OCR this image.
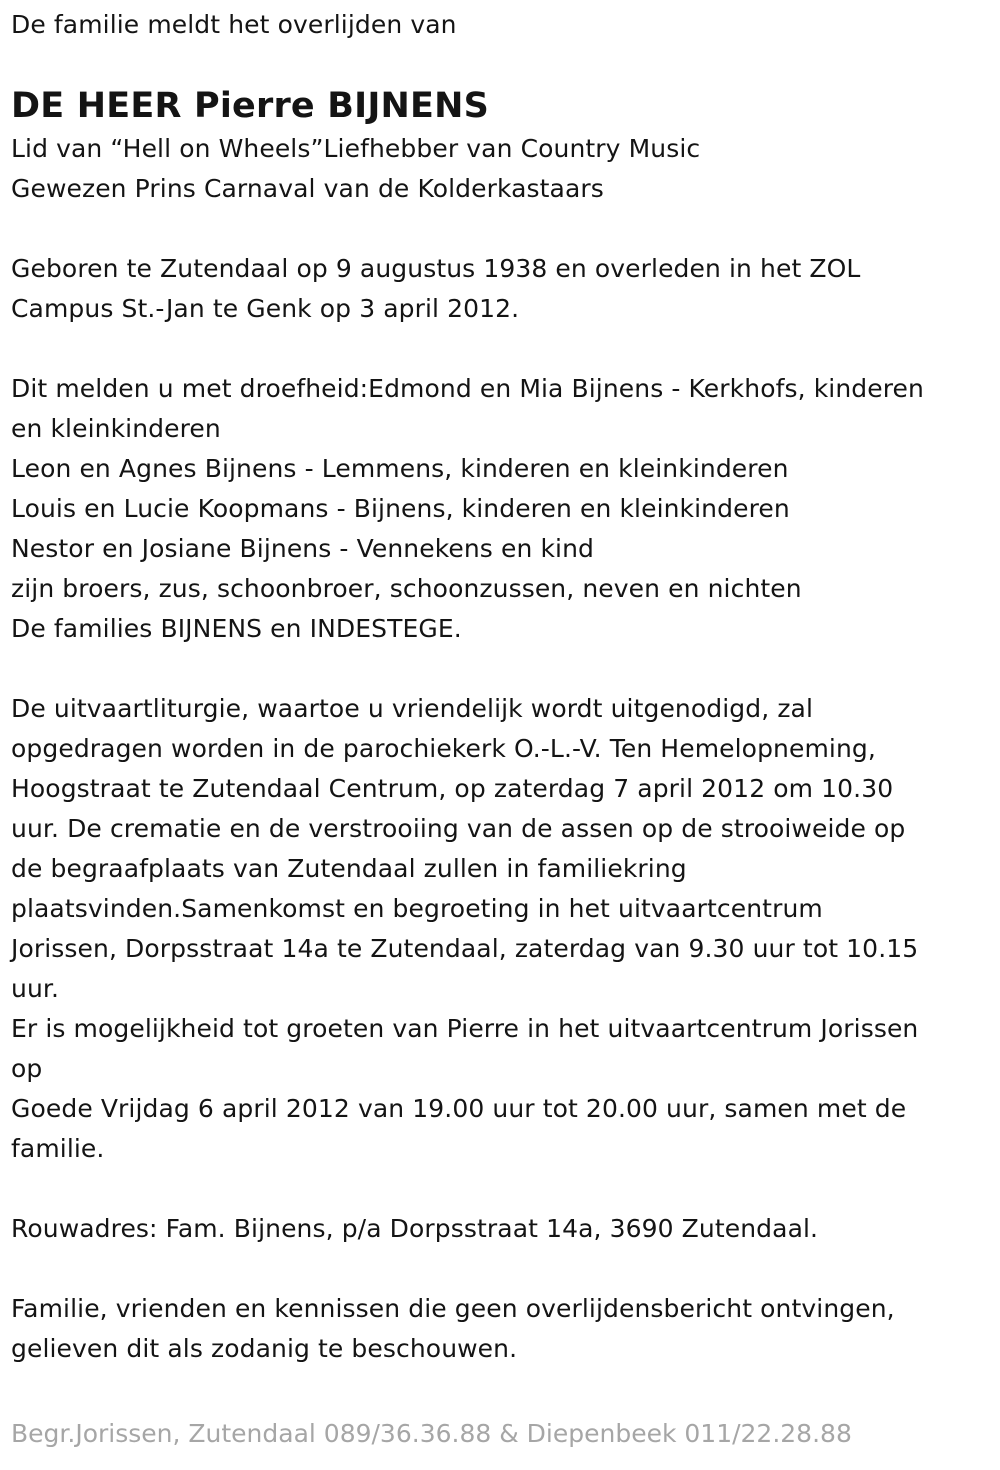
De familie meldt het overlijden van
DE HEER Pierre BIJNENS
Lid van “Hell on Wheels”Liefhebber van Country Music
Gewezen Prins Carnaval van de Kolderkastaars
Geboren te Zutendaal op 9 augustus 1938 en overleden in het ZOL
Campus St.-Jan te Genk op 3 april 2012.
Dit melden u met droefheid:Edmond en Mia Bijnens - Kerkhofs, kinderen
en kleinkinderen
Leon en Agnes Bijnens - Lemmens, kinderen en kleinkinderen
Louis en Lucie Koopmans - Bijnens, kinderen en kleinkinderen
Nestor en Josiane Bijnens - Vennekens en kind
zijn broers, zus, schoonbroer, schoonzussen, neven en nichten
De families BIJNENS en INDESTEGE.
De uitvaartliturgie, waartoe u vriendelijk wordt uitgenodigd, zal
opgedragen worden in de parochiekerk O.-L.-V. Ten Hemelopneming,
Hoogstraat te Zutendaal Centrum, op zaterdag 7 april 2012 om 10.30
uur. De crematie en de verstrooiing van de assen op de strooiweide op
de begraafplaats van Zutendaal zullen in familiekring
plaatsvinden.Samenkomst en begroeting in het uitvaartcentrum
Jorissen, Dorpsstraat 14a te Zutendaal, zaterdag van 9.30 uur tot 10.15
uur.
Er is mogelijkheid tot groeten van Pierre in het uitvaartcentrum Jorissen
op
Goede Vrijdag 6 april 2012 van 19.00 uur tot 20.00 uur, samen met de
familie.
Rouwadres: Fam. Bijnens, p/a Dorpsstraat 14a, 3690 Zutendaal.
Familie, vrienden en kennissen die geen overlijdensbericht ontvingen,
gelieven dit als zodanig te beschouwen.
Begr.Jorissen, Zutendaal 089/36.36.88 & Diepenbeek 011/22.28.88
